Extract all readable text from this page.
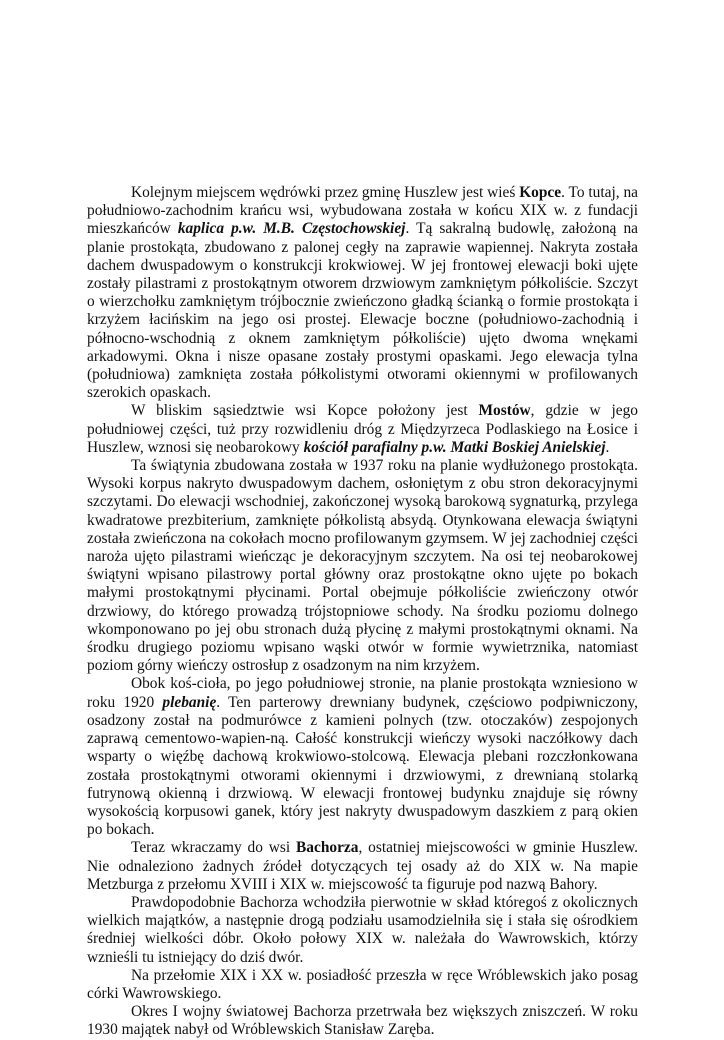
Kolejnym miejscem wędrówki przez gminę Huszlew jest wieś Kopce. To tutaj, na południowo-zachodnim krańcu wsi, wybudowana została w końcu XIX w. z fundacji mieszkańców kaplica p.w. M.B. Częstochowskiej. Tą sakralną budowlę, założoną na planie prostokąta, zbudowano z palonej cegły na zaprawie wapiennej. Nakryta została dachem dwuspadowym o konstrukcji krokwiowej. W jej frontowej elewacji boki ujęte zostały pilastrami z prostokątnym otworem drzwiowym zamkniętym półkoliście. Szczyt o wierzchołku zamkniętym trójbocznie zwieńczono gładką ścianką o formie prostokąta i krzyżem łacińskim na jego osi prostej. Elewacje boczne (południowo-zachodnią i północno-wschodnią z oknem zamkniętym półkoliście) ujęto dwoma wnękami arkadowymi. Okna i nisze opasane zostały prostymi opaskami. Jego elewacja tylna (południowa) zamknięta została półkolistymi otworami okiennymi w profilowanych szerokich opaskach.

W bliskim sąsiedztwie wsi Kopce położony jest Mostów, gdzie w jego południowej części, tuż przy rozwidleniu dróg z Międzyrzeca Podlaskiego na Łosice i Huszlew, wznosi się neobarokowy kościół parafialny p.w. Matki Boskiej Anielskiej.

Ta świątynia zbudowana została w 1937 roku na planie wydłużonego prostokąta. Wysoki korpus nakryto dwuspadowym dachem, osłoniętym z obu stron dekoracyjnymi szczytami. Do elewacji wschodniej, zakończonej wysoką barokową sygnaturką, przylega kwadratowe prezbiterium, zamknięte półkolistą absydą. Otynkowana elewacja świątyni została zwieńczona na cokołach mocno profilowanym gzymsem. W jej zachodniej części naroża ujęto pilastrami wieńcząc je dekoracyjnym szczytem. Na osi tej neobarokowej świątyni wpisano pilastrowy portal główny oraz prostokątne okno ujęte po bokach małymi prostokątnymi płycinami. Portal obejmuje półkoliście zwieńczony otwór drzwiowy, do którego prowadzą trójstopniowe schody. Na środku poziomu dolnego wkomponowano po jej obu stronach dużą płycinę z małymi prostokątnymi oknami. Na środku drugiego poziomu wpisano wąski otwór w formie wywietrznika, natomiast poziom górny wieńczy ostrosłup z osadzonym na nim krzyżem.

Obok koś-cioła, po jego południowej stronie, na planie prostokąta wzniesiono w roku 1920 plebanię. Ten parterowy drewniany budynek, częściowo podpiwniczony, osadzony został na podmurówce z kamieni polnych (tzw. otoczaków) zespojonych zaprawą cementowo-wapien-ną. Całość konstrukcji wieńczy wysoki naczółkowy dach wsparty o więźbę dachową krokwiowo-stolcową. Elewacja plebani rozczłonkowana została prostokątnymi otworami okiennymi i drzwiowymi, z drewnianą stolarką futrynową okienną i drzwiową. W elewacji frontowej budynku znajduje się równy wysokością korpusowi ganek, który jest nakryty dwuspadowym daszkiem z parą okien po bokach.

Teraz wkraczamy do wsi Bachorza, ostatniej miejscowości w gminie Huszlew. Nie odnaleziono żadnych źródeł dotyczących tej osady aż do XIX w. Na mapie Metzburga z przełomu XVIII i XIX w. miejscowość ta figuruje pod nazwą Bahory.

Prawdopodobnie Bachorza wchodziła pierwotnie w skład któregoś z okolicznych wielkich majątków, a następnie drogą podziału usamodzielniła się i stała się ośrodkiem średniej wielkości dóbr. Około połowy XIX w. należała do Wawrowskich, którzy wznieśli tu istniejący do dziś dwór.

Na przełomie XIX i XX w. posiadłość przeszła w ręce Wróblewskich jako posag córki Wawrowskiego.

Okres I wojny światowej Bachorza przetrwała bez większych zniszczeń. W roku 1930 majątek nabył od Wróblewskich Stanisław Zaręba.
